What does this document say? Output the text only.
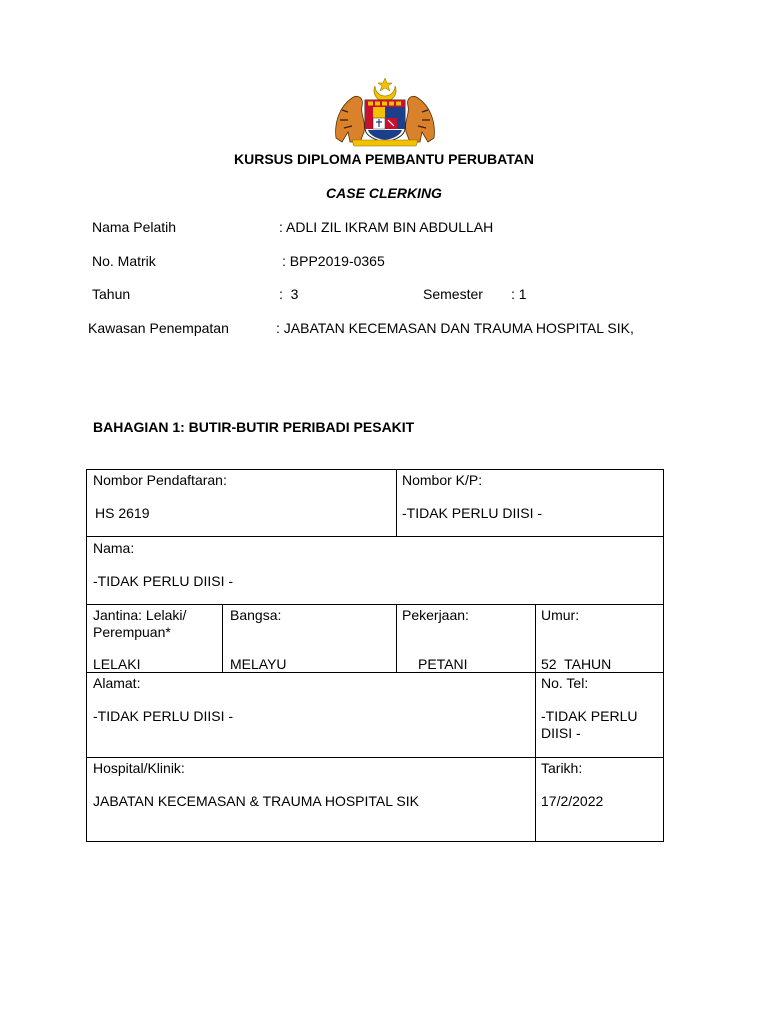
KURSUS DIPLOMA PEMBANTU PERUBATAN
CASE CLERKING
Nama Pelatih	: ADLI ZIL IKRAM BIN ABDULLAH
No. Matrik	: BPP2019-0365
Tahun	:  3	Semester : 1
Kawasan Penempatan	: JABATAN KECEMASAN DAN TRAUMA HOSPITAL SIK,
BAHAGIAN 1: BUTIR-BUTIR PERIBADI PESAKIT
Nombor Pendaftaran:
HS 2619
Nombor K/P:
-TIDAK PERLU DIISI -
Nama:
-TIDAK PERLU DIISI -
Jantina: Lelaki/
Perempuan*
LELAKI
Bangsa:
MELAYU
Pekerjaan:
PETANI
Umur:
52  TAHUN
Alamat:
-TIDAK PERLU DIISI -
No. Tel:
-TIDAK PERLU
DIISI -
Hospital/Klinik:
JABATAN KECEMASAN & TRAUMA HOSPITAL SIK
Tarikh:
17/2/2022
